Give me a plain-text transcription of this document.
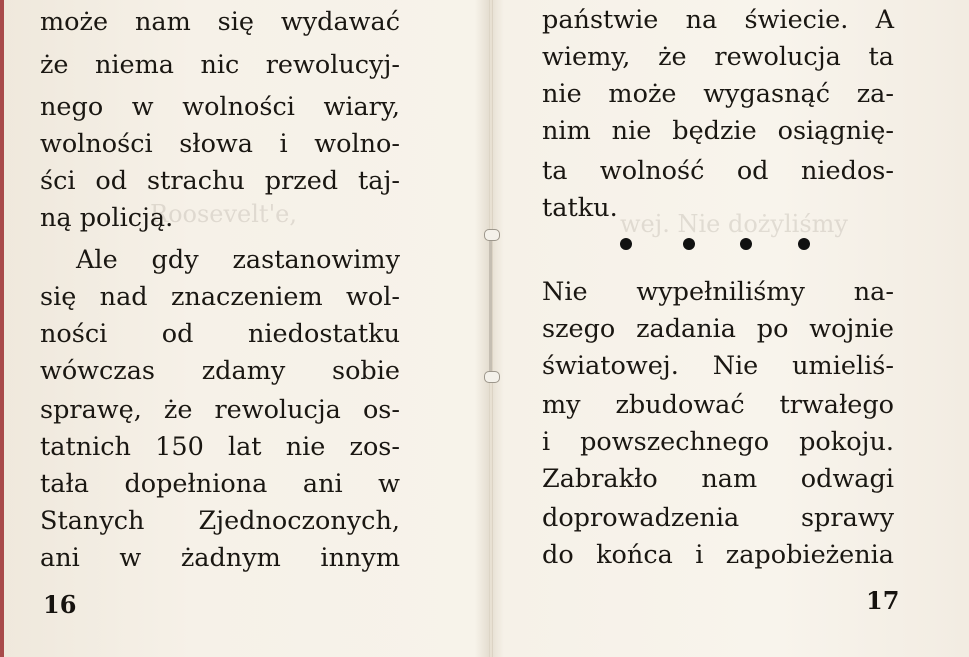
Roosevelt'e,	wej. Nie dożyliśmy
może nam się wydawać
że niema nic rewolucyj-
nego w wolności wiary,
wolności słowa i wolno-
ści od strachu przed taj-
ną policją.
Ale gdy zastanowimy
się nad znaczeniem wol-
ności od niedostatku
wówczas zdamy sobie
sprawę, że rewolucja os-
tatnich 150 lat nie zos-
tała dopełniona ani w
Stanych Zjednoczonych,
ani w żadnym innym
16
państwie na świecie. A
wiemy, że rewolucja ta
nie może wygasnąć za-
nim nie będzie osiągnię-
ta wolność od niedos-
tatku.
Nie wypełniliśmy na-
szego zadania po wojnie
światowej. Nie umieliś-
my zbudować trwałego
i powszechnego pokoju.
Zabrakło nam odwagi
doprowadzenia sprawy
do końca i zapobieżenia
17
